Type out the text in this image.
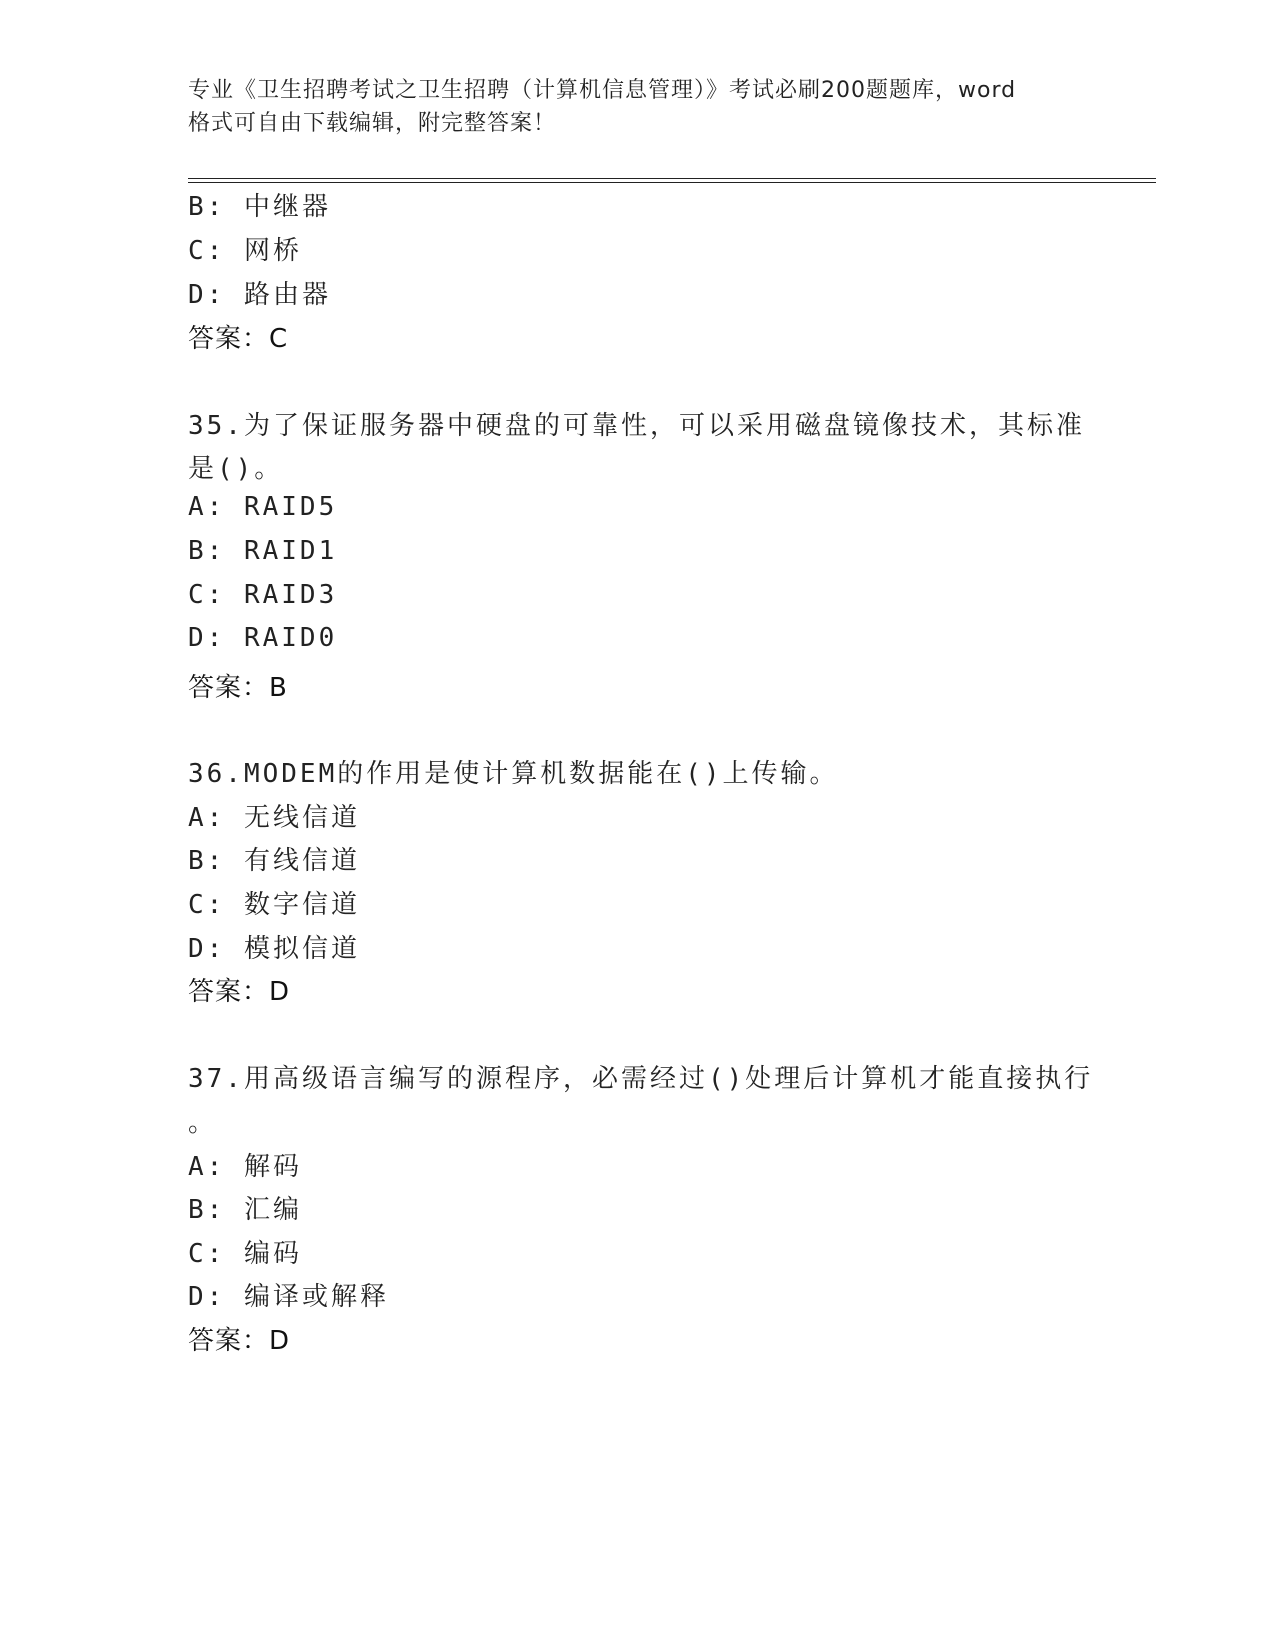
专业《卫生招聘考试之卫生招聘（计算机信息管理）》考试必刷200题题库，word
格式可自由下载编辑，附完整答案！
B: 中继器
C: 网桥
D: 路由器
答案：C
35.为了保证服务器中硬盘的可靠性，可以采用磁盘镜像技术，其标准
是()。
A: RAID5
B: RAID1
C: RAID3
D: RAID0
答案：B
36.MODEM的作用是使计算机数据能在()上传输。
A: 无线信道
B: 有线信道
C: 数字信道
D: 模拟信道
答案：D
37.用高级语言编写的源程序，必需经过()处理后计算机才能直接执行
。
A: 解码
B: 汇编
C: 编码
D: 编译或解释
答案：D
